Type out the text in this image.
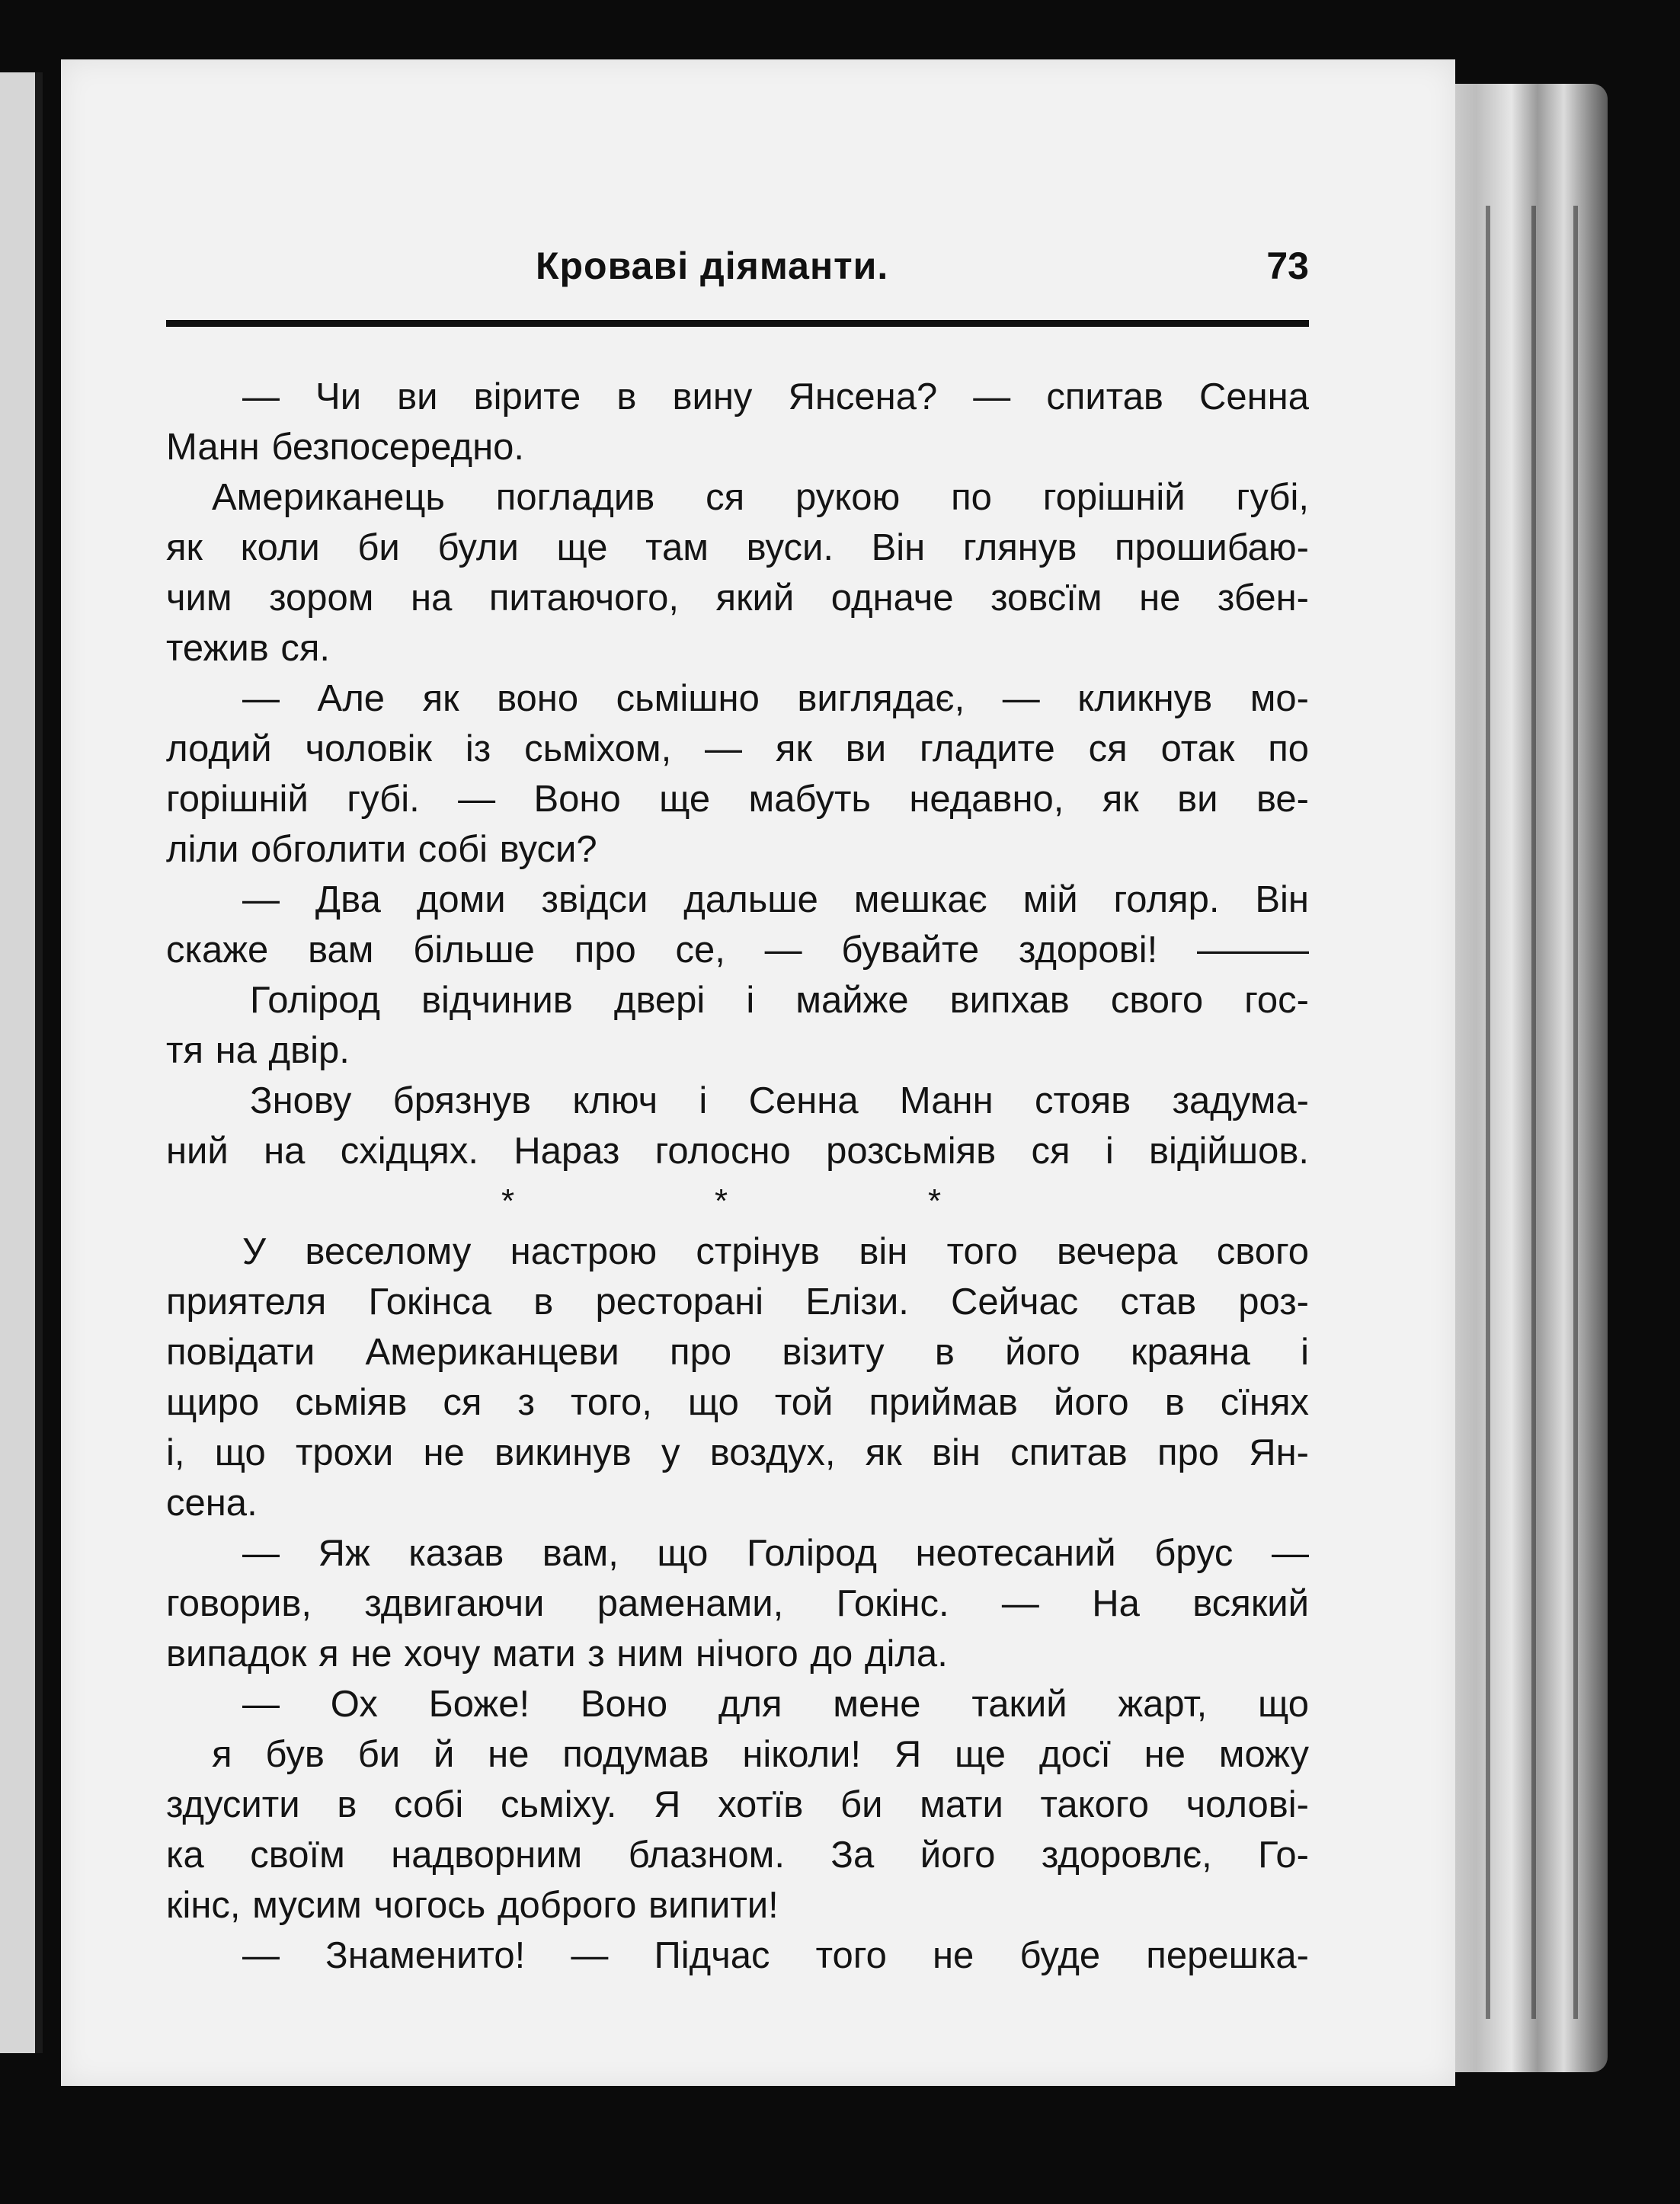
Кроваві діяманти.	73
— Чи ви вірите в вину Янсена? — спитав Сенна
Манн безпосередно.
Американець погладив ся рукою по горішній губі,
як коли би були ще там вуси. Він глянув прошибаю-
чим зором на питаючого, який одначе зовсїм не збен-
тежив ся.
— Але як воно сьмішно виглядає, — кликнув мо-
лодий чоловік із сьміхом, — як ви гладите ся отак по
горішній губі. — Воно ще мабуть недавно, як ви ве-
ліли обголити собі вуси?
— Два доми звідси дальше мешкає мій голяр. Він
скаже вам більше про се, — бувайте здорові! ———
Голірод відчинив двері і майже випхав свого гос-
тя на двір.
Знову брязнув ключ і Сенна Манн стояв задума-
ний на східцях. Нараз голосно розсьміяв ся і відійшов.
*	*	*
У веселому настрою стрінув він того вечера свого
приятеля Гокінса в ресторані Елізи. Сейчас став роз-
повідати Американцеви про візиту в його краяна і
щиро сьміяв ся з того, що той приймав його в сїнях
і, що трохи не викинув у воздух, як він спитав про Ян-
сена.
— Яж казав вам, що Голірод неотесаний брус —
говорив, здвигаючи раменами, Гокінс. — На всякий
випадок я не хочу мати з ним нічого до діла.
— Ох Боже! Воно для мене такий жарт, що
я був би й не подумав ніколи! Я ще досї не можу
здусити в собі сьміху. Я хотїв би мати такого чолові-
ка своїм надворним блазном. За його здоровлє, Го-
кінс, мусим чогось доброго випити!
— Знаменито! — Підчас того не буде перешка-
